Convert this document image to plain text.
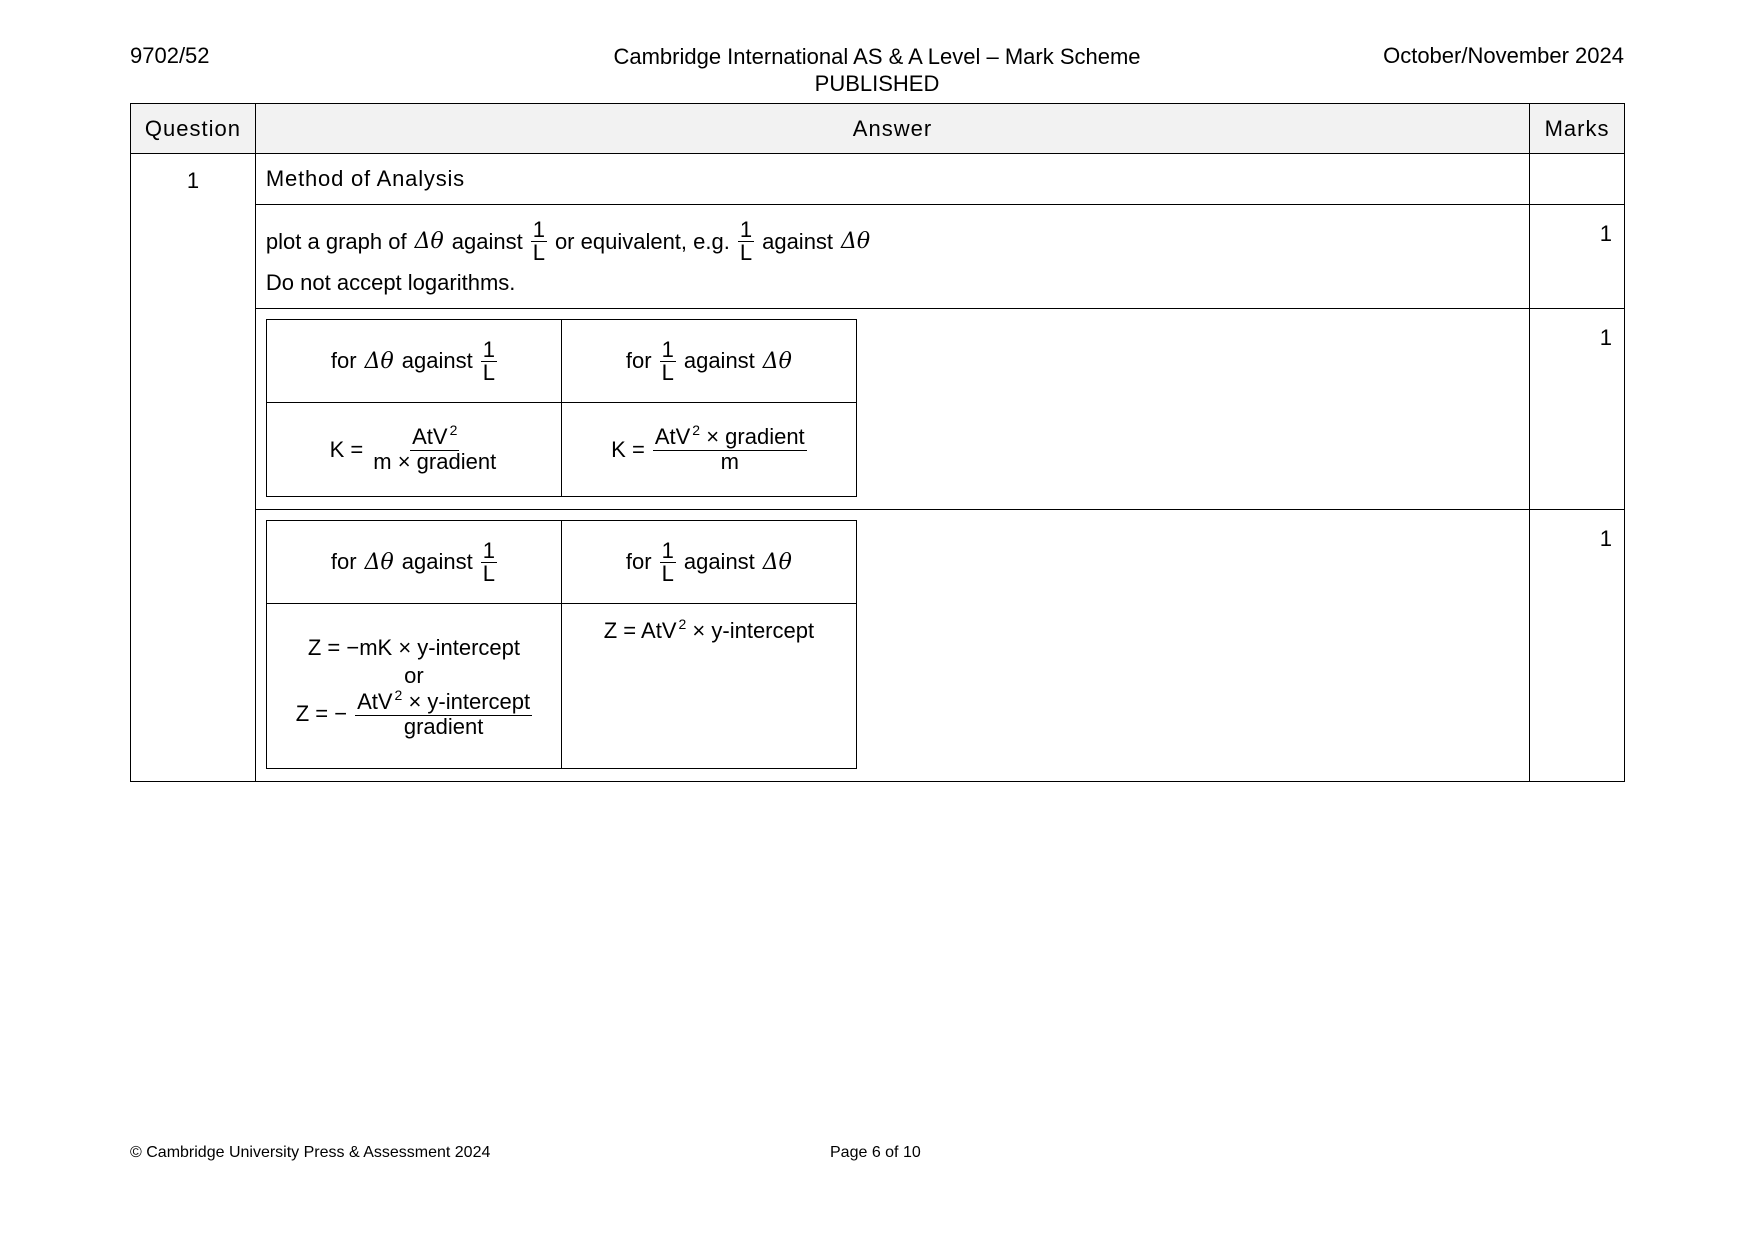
9702/52	Cambridge International AS & A Level – Mark Scheme
PUBLISHED
October/November 2024
Question	Answer	Marks
1	Method of Analysis	

plot a graph of Δθ against $\frac{1}{L}$ or equivalent, e.g. $\frac{1}{L}$ against Δθ
Do not accept logarithms.
	1

for Δθ against $\frac{1}{L}$	for $\frac{1}{L}$ against Δθ

$K = \frac{AtV ^2}{\text{m × gradient}}$	$K = \frac{AtV ^2 \times gradient}{m}$
	1

for Δθ against $\frac{1}{L}$	for $\frac{1}{L}$ against Δθ

Z = −mK × y-intercept
or
Z = − $\frac{AtV ^2 \times y-intercept}{\text{gradient}}$
	Z = AtV $^2$ × y-intercept
	1
© Cambridge University Press & Assessment 2024	Page 6 of 10
